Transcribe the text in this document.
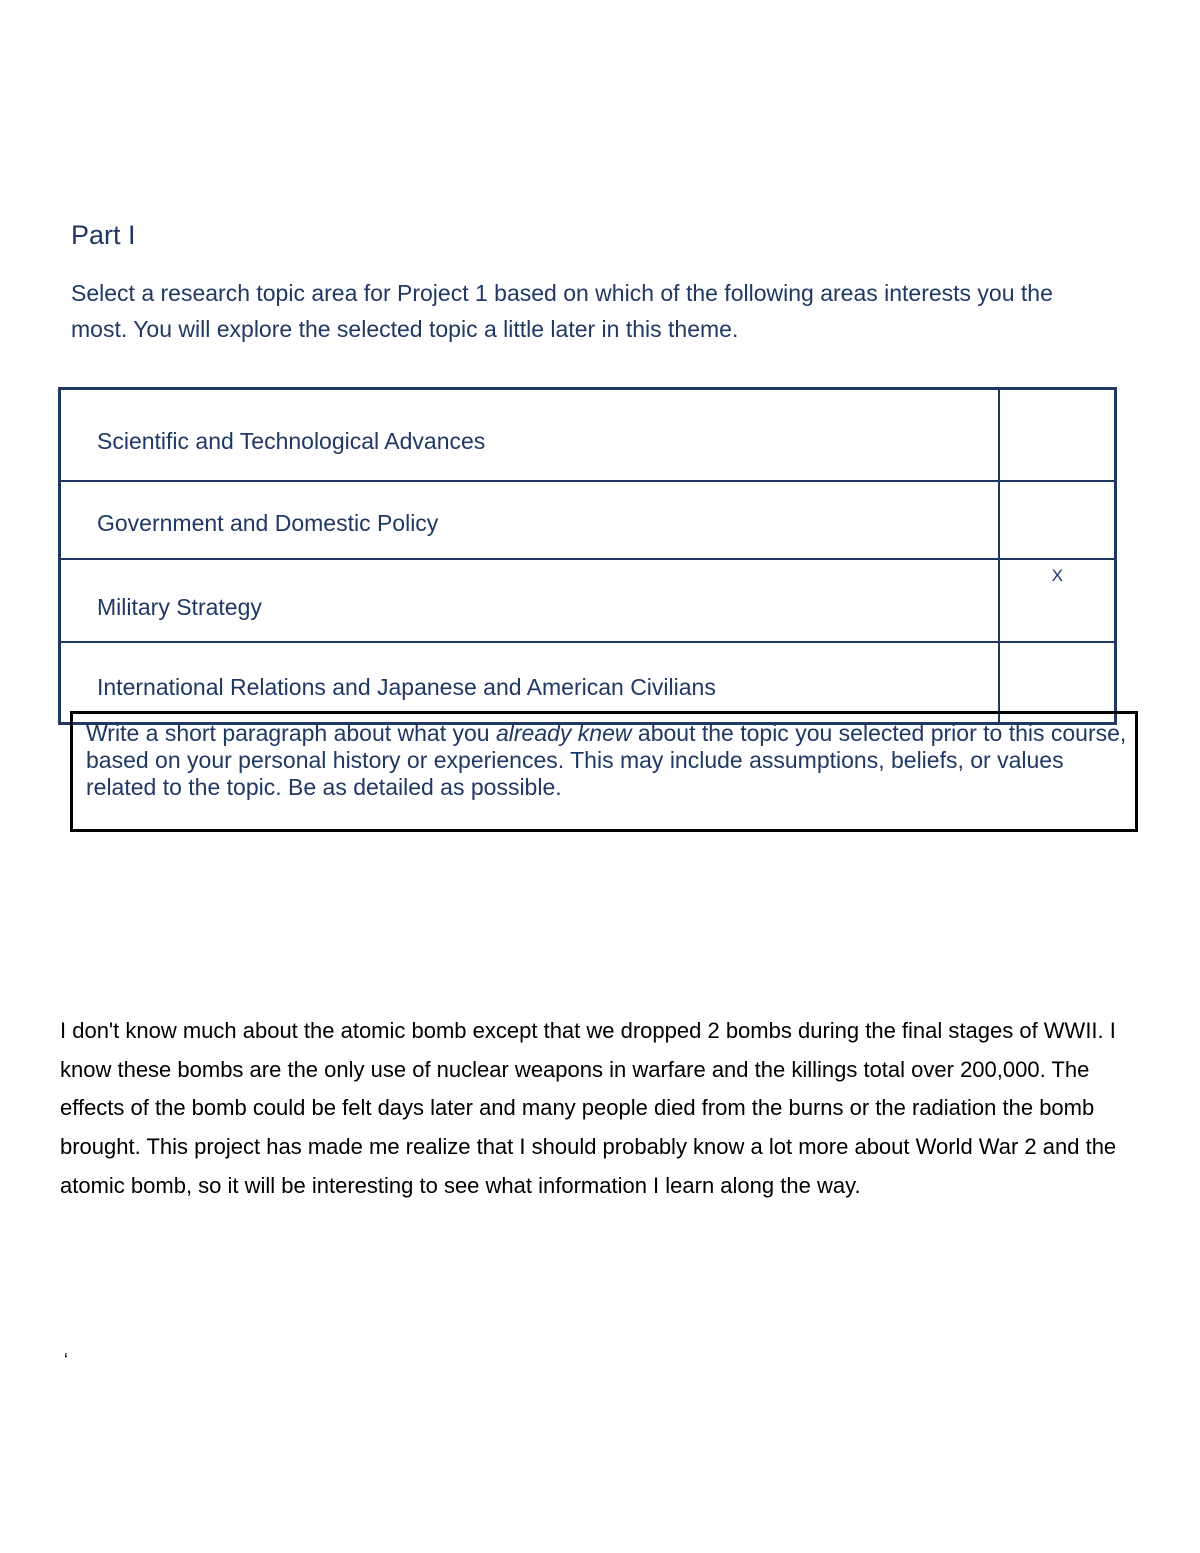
Part I

Select a research topic area for Project 1 based on which of the following areas interests you the most. You will explore the selected topic a little later in this theme.

Scientific and Technological Advances	
Government and Domestic Policy	
Military Strategy	X
International Relations and Japanese and American Civilians	
Write a short paragraph about what you already knew about the topic you selected prior to this course, based on your personal history or experiences. This may include assumptions, beliefs, or values related to the topic. Be as detailed as possible.

I don't know much about the atomic bomb except that we dropped 2 bombs during the final stages of WWII. I know these bombs are the only use of nuclear weapons in warfare and the killings total over 200,000. The effects of the bomb could be felt days later and many people died from the burns or the radiation the bomb brought. This project has made me realize that I should probably know a lot more about World War 2 and the atomic bomb, so it will be interesting to see what information I learn along the way.

‘
